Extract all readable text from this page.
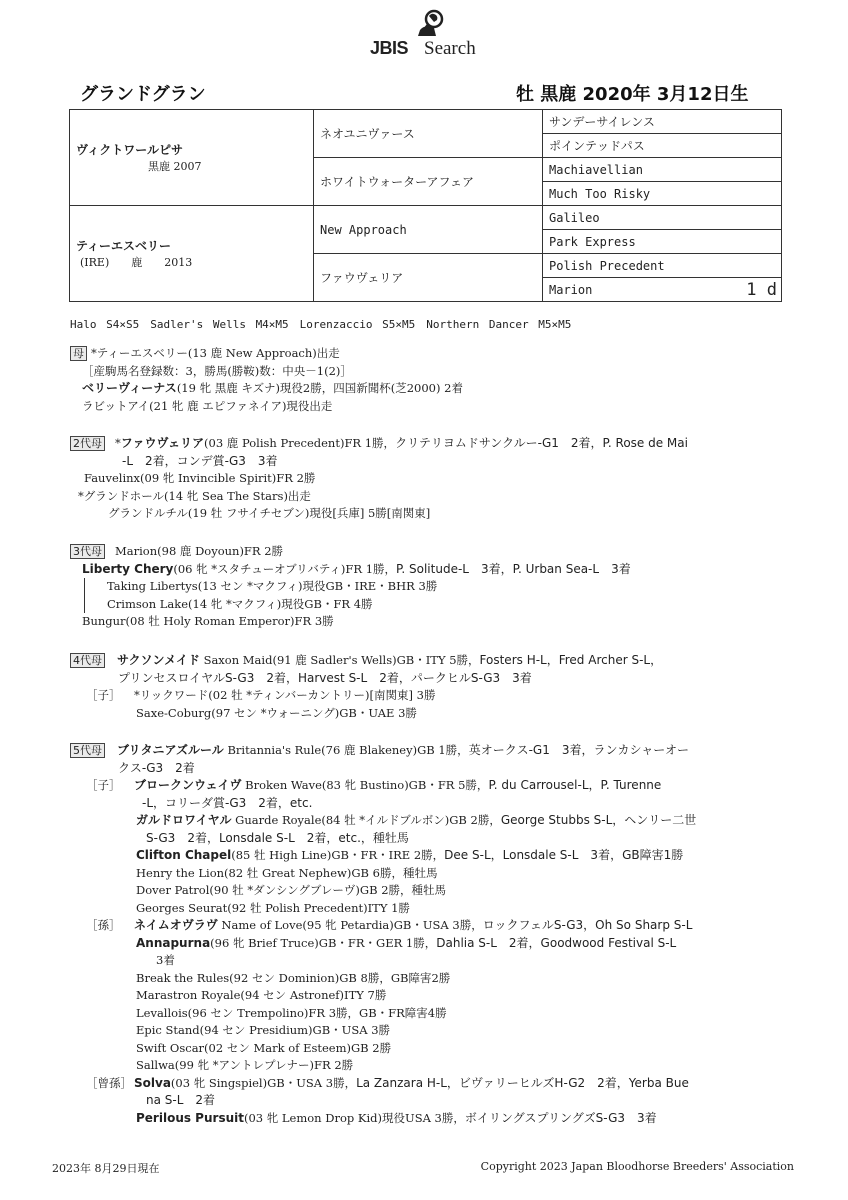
JBIS Search
グランドグラン	牡 黒鹿 2020年 3月12日生
ヴィクトワールピサ
黒鹿 2007	ネオユニヴァース	サンデーサイレンス
		ポインテッドパス
	ホワイトウォーターアフェア	Machiavellian
		Much Too Risky

ティーエスベリー
(IRE)　　鹿　　2013	New Approach	Galileo
		Park Express
	ファウヴェリア	Polish Precedent
		Marion 1 d
Halo S4×S5　Sadler's Wells M4×M5　Lorenzaccio S5×M5　Northern Dancer M5×M5
母 *ティーエスベリー(13 鹿 New Approach)出走
［産駒馬名登録数：3，勝馬(勝鞍)数：中央－1(2)］
ベリーヴィーナス(19 牝 黒鹿 キズナ)現役2勝，四国新聞杯(芝2000) 2着
ラビットアイ(21 牝 鹿 エピファネイア)現役出走
2代母 *ファウヴェリア(03 鹿 Polish Precedent)FR 1勝，クリテリヨムドサンクルー-G1　2着，P. Rose de Mai
-L　2着，コンデ賞-G3　3着
Fauvelinx(09 牝 Invincible Spirit)FR 2勝
*グランドホール(14 牝 Sea The Stars)出走
グランドルチル(19 牡 フサイチセブン)現役[兵庫] 5勝[南関東]
3代母 Marion(98 鹿 Doyoun)FR 2勝
Liberty Chery(06 牝 *スタチューオブリバティ)FR 1勝，P. Solitude-L　3着，P. Urban Sea-L　3着
Taking Libertys(13 セン *マクフィ)現役GB・IRE・BHR 3勝
Crimson Lake(14 牝 *マクフィ)現役GB・FR 4勝
Bungur(08 牡 Holy Roman Emperor)FR 3勝
4代母 サクソンメイド Saxon Maid(91 鹿 Sadler's Wells)GB・ITY 5勝，Fosters H-L，Fred Archer S-L，
プリンセスロイヤルS-G3　2着，Harvest S-L　2着，パークヒルS-G3　3着
［子］ *リックワード(02 牡 *ティンバーカントリー)[南関東] 3勝
Saxe-Coburg(97 セン *ウォーニング)GB・UAE 3勝
5代母 ブリタニアズルール Britannia's Rule(76 鹿 Blakeney)GB 1勝，英オークス-G1　3着，ランカシャーオー
クス-G3　2着
［子］ ブロークンウェイヴ Broken Wave(83 牝 Bustino)GB・FR 5勝，P. du Carrousel-L，P. Turenne
-L，コリーダ賞-G3　2着，etc.
ガルドロワイヤル Guarde Royale(84 牡 *イルドブルボン)GB 2勝，George Stubbs S-L，ヘンリー二世
S-G3　2着，Lonsdale S-L　2着，etc.，種牡馬
Clifton Chapel(85 牡 High Line)GB・FR・IRE 2勝，Dee S-L，Lonsdale S-L　3着，GB障害1勝
Henry the Lion(82 牡 Great Nephew)GB 6勝，種牡馬
Dover Patrol(90 牡 *ダンシングブレーヴ)GB 2勝，種牡馬
Georges Seurat(92 牡 Polish Precedent)ITY 1勝
［孫］ ネイムオヴラヴ Name of Love(95 牝 Petardia)GB・USA 3勝，ロックフェルS-G3，Oh So Sharp S-L
Annapurna(96 牝 Brief Truce)GB・FR・GER 1勝，Dahlia S-L　2着，Goodwood Festival S-L
3着
Break the Rules(92 セン Dominion)GB 8勝，GB障害2勝
Marastron Royale(94 セン Astronef)ITY 7勝
Levallois(96 セン Trempolino)FR 3勝，GB・FR障害4勝
Epic Stand(94 セン Presidium)GB・USA 3勝
Swift Oscar(02 セン Mark of Esteem)GB 2勝
Sallwa(99 牝 *アントレプレナー)FR 2勝
［曾孫］ Solva(03 牝 Singspiel)GB・USA 3勝，La Zanzara H-L，ビヴァリーヒルズH-G2　2着，Yerba Bue
na S-L　2着
Perilous Pursuit(03 牝 Lemon Drop Kid)現役USA 3勝，ボイリングスプリングズS-G3　3着
2023年 8月29日現在	Copyright 2023 Japan Bloodhorse Breeders' Association
